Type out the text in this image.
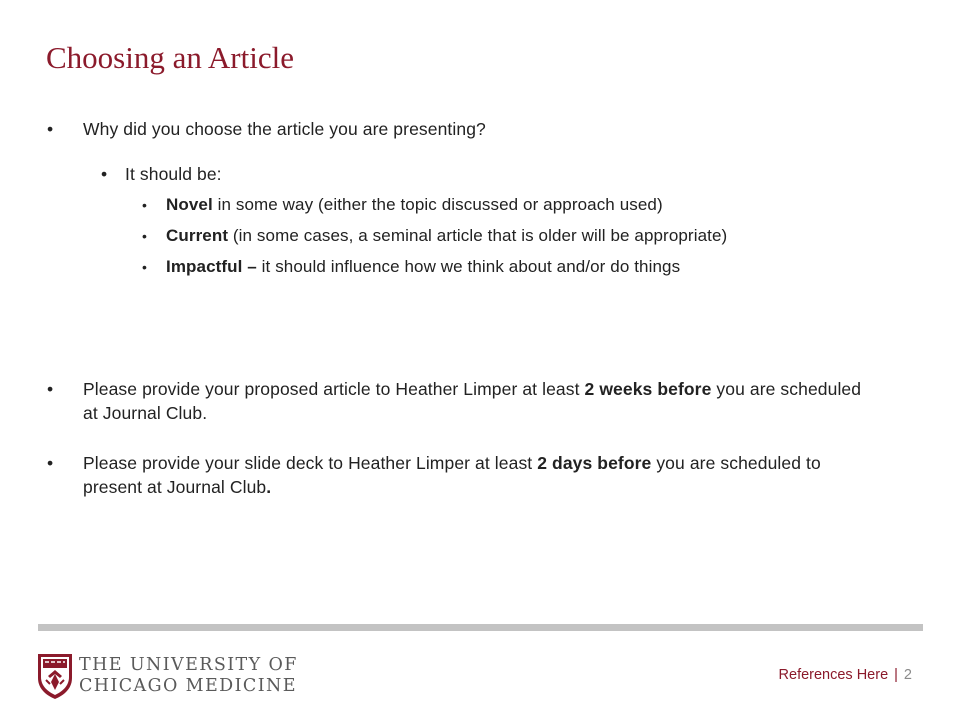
Choosing an Article
• Why did you choose the article you are presenting?
• It should be:
• Novel in some way (either the topic discussed or approach used)
• Current (in some cases, a seminal article that is older will be appropriate)
• Impactful – it should influence how we think about and/or do things
• Please provide your proposed article to Heather Limper at least 2 weeks before you are scheduled at Journal Club.
• Please provide your slide deck to Heather Limper at least 2 days before you are scheduled to present at Journal Club.
THE UNIVERSITY OF
CHICAGO MEDICINE
References Here | 2
